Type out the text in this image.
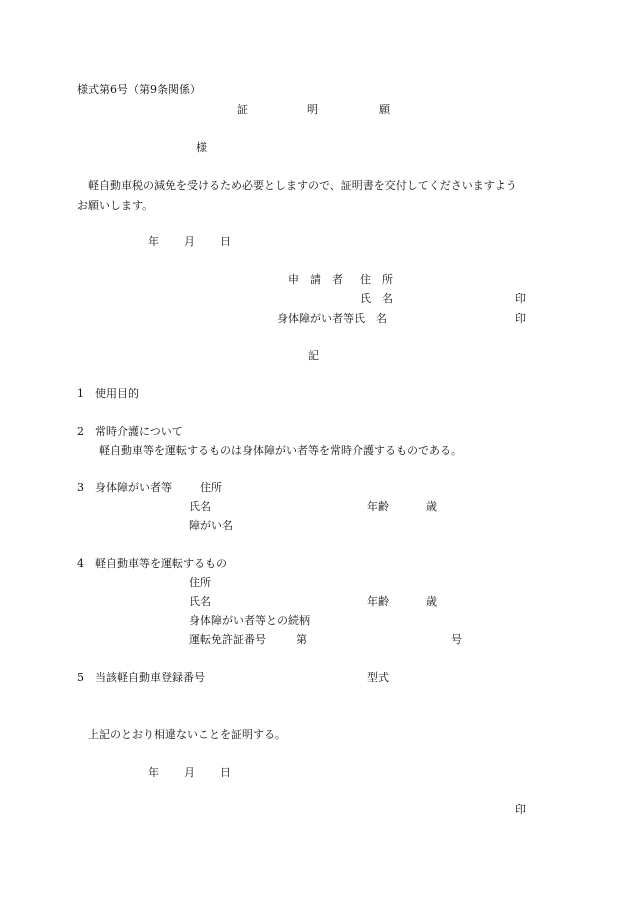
様式第6号（第9条関係）
証	明	願
様
軽自動車税の減免を受けるため必要としますので、証明書を交付してくださいますよう
お願いします。
年 月 日
申　請　者 住　所
氏　名	印
身体障がい者等氏　名	印
記
1　使用目的
2　常時介護について
軽自動車等を運転するものは身体障がい者等を常時介護するものである。
3　身体障がい者等	住所
氏名	年齢	歳
障がい名
4　軽自動車等を運転するもの
住所
氏名	年齢	歳
身体障がい者等との続柄
運転免許証番号	第	号
5　当該軽自動車登録番号	型式
上記のとおり相違ないことを証明する。
年 月 日
印
